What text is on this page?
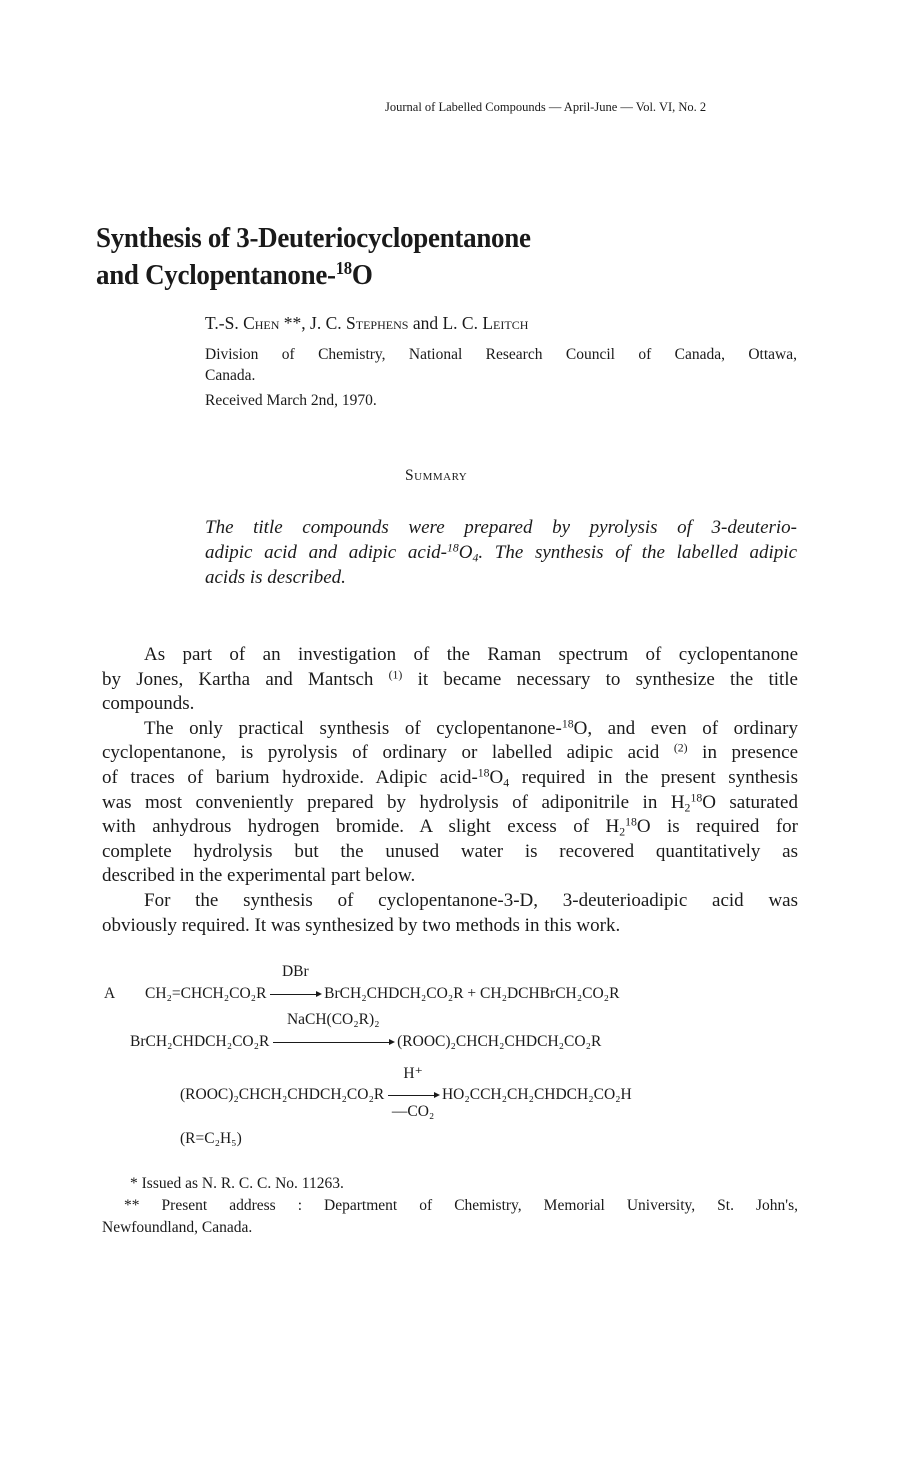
Journal of Labelled Compounds — April-June — Vol. VI, No. 2
Synthesis of 3-Deuteriocyclopentanone
and Cyclopentanone-$^{18}$O
T.-S. Chen **, J. C. Stephens and L. C. Leitch
Division of Chemistry, National Research Council of Canada, Ottawa,
Canada.
Received March 2nd, 1970.
Summary
The title compounds were prepared by pyrolysis of 3-deuterio-
adipic acid and adipic acid-$^{18}O_4$. The synthesis of the labelled adipic
acids is described.
As part of an investigation of the Raman spectrum of cyclopentanone
by Jones, Kartha and Mantsch $^{(1)}$ it became necessary to synthesize the title
compounds.
The only practical synthesis of cyclopentanone-$^{18}$O, and even of ordinary
cyclopentanone, is pyrolysis of ordinary or labelled adipic acid $^{(2)}$ in presence
of traces of barium hydroxide. Adipic acid-$^{18}O_4$ required in the present synthesis
was most conveniently prepared by hydrolysis of adiponitrile in $H_2^{18}O$ saturated
with anhydrous hydrogen bromide. A slight excess of $H_2^{18}O$ is required for
complete hydrolysis but the unused water is recovered quantitatively as
described in the experimental part below.
For the synthesis of cyclopentanone-3-D, 3-deuterioadipic acid was
obviously required. It was synthesized by two methods in this work.
A CH₂=CHCH₂CO₂R
DBr
BrCH₂CHDCH₂CO₂R + CH₂DCHBrCH₂CO₂R
BrCH₂CHDCH₂CO₂R
NaCH(CO₂R)₂
(ROOC)₂CHCH₂CHDCH₂CO₂R
(ROOC)₂CHCH₂CHDCH₂CO₂R $\frac{H^+}{\text{—CO₂}}$ HO₂CCH₂CH₂CHDCH₂CO₂H
(R=C₂H₅)
* Issued as N. R. C. C. No. 11263.
** Present address : Department of Chemistry, Memorial University, St. John's,
Newfoundland, Canada.
